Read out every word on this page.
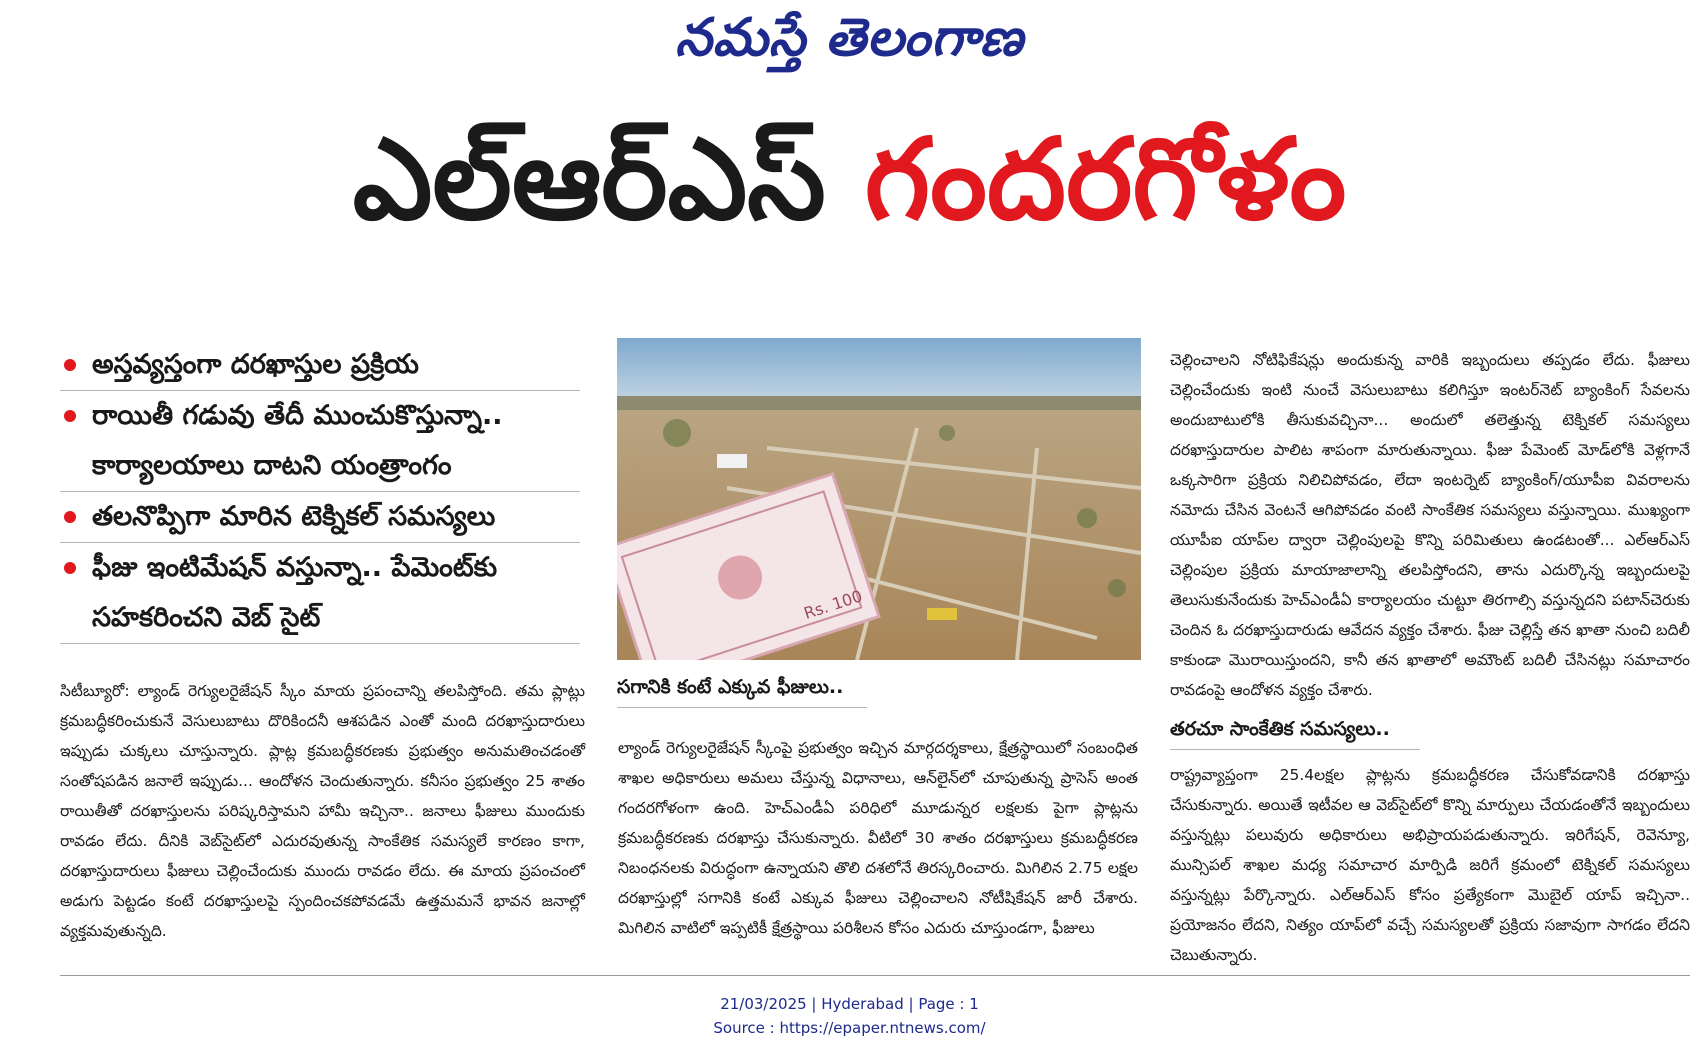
నమస్తే తెలంగాణ
ఎల్‌ఆర్‌ఎస్‌ గందరగోళం
అస్తవ్యస్తంగా దరఖాస్తుల ప్రక్రియ
రాయితీ గడువు తేదీ ముంచుకొస్తున్నా.. కార్యాలయాలు దాటని యంత్రాంగం
తలనొప్పిగా మారిన టెక్నికల్ సమస్యలు
ఫీజు ఇంటిమేషన్ వస్తున్నా.. పేమెంట్‌కు సహకరించని వెబ్ సైట్	Rs. 100
సగానికి కంటే ఎక్కువ ఫీజులు..
సిటీబ్యూరో: ల్యాండ్ రెగ్యులరైజేషన్ స్కీం మాయ ప్రపంచాన్ని తలపిస్తోంది. తమ ప్లాట్లు క్రమబద్ధీకరించుకునే వెసులుబాటు దొరికిందనీ ఆశపడిన ఎంతో మంది దరఖాస్తుదారులు ఇప్పుడు చుక్కలు చూస్తున్నారు. ప్లాట్ల క్రమబద్ధీకరణకు ప్రభుత్వం అనుమతించడంతో సంతోషపడిన జనాలే ఇప్పుడు... ఆందోళన చెందుతున్నారు. కనీసం ప్రభుత్వం 25 శాతం రాయితీతో దరఖాస్తులను పరిష్కరిస్తామని హామీ ఇచ్చినా.. జనాలు ఫీజులు ముందుకు రావడం లేదు. దీనికి వెబ్‌సైట్‌లో ఎదురవుతున్న సాంకేతిక సమస్యలే కారణం కాగా, దరఖాస్తుదారులు ఫీజులు చెల్లించేందుకు ముందు రావడం లేదు. ఈ మాయ ప్రపంచంలో అడుగు పెట్టడం కంటే దరఖాస్తులపై స్పందించకపోవడమే ఉత్తమమనే భావన జనాల్లో వ్యక్తమవుతున్నది.
ల్యాండ్ రెగ్యులరైజేషన్ స్కీంపై ప్రభుత్వం ఇచ్చిన మార్గదర్శకాలు, క్షేత్రస్థాయిలో సంబంధిత శాఖల అధికారులు అమలు చేస్తున్న విధానాలు, ఆన్‌లైన్‌లో చూపుతున్న ప్రాసెస్ అంత గందరగోళంగా ఉంది. హెచ్ఎండీఏ పరిధిలో మూడున్నర లక్షలకు పైగా ప్లాట్లను క్రమబద్ధీకరణకు దరఖాస్తు చేసుకున్నారు. వీటిలో 30 శాతం దరఖాస్తులు క్రమబద్ధీకరణ నిబంధనలకు విరుద్ధంగా ఉన్నాయని తొలి దశలోనే తిరస్కరించారు. మిగిలిన 2.75 లక్షల దరఖాస్తుల్లో సగానికి కంటే ఎక్కువ ఫీజులు చెల్లించాలని నోటీషికేషన్ జారీ చేశారు. మిగిలిన వాటిలో ఇప్పటికీ క్షేత్రస్థాయి పరిశీలన కోసం ఎదురు చూస్తుండగా, ఫీజులు
చెల్లించాలని నోటిఫికేషన్లు అందుకున్న వారికి ఇబ్బందులు తప్పడం లేదు. ఫీజులు చెల్లించేందుకు ఇంటి నుంచే వెసులుబాటు కలిగిస్తూ ఇంటర్‌నెట్ బ్యాంకింగ్ సేవలను అందుబాటులోకి తీసుకువచ్చినా... అందులో తలెత్తున్న టెక్నికల్ సమస్యలు దరఖాస్తుదారుల పాలిట శాపంగా మారుతున్నాయి. ఫీజు పేమెంట్ మోడ్‌లోకి వెళ్లగానే ఒక్కసారిగా ప్రక్రియ నిలిచిపోవడం, లేదా ఇంటర్నెట్ బ్యాంకింగ్/యూపీఐ వివరాలను నమోదు చేసిన వెంటనే ఆగిపోవడం వంటి సాంకేతిక సమస్యలు వస్తున్నాయి. ముఖ్యంగా యూపీఐ యాప్‌ల ద్వారా చెల్లింపులపై కొన్ని పరిమితులు ఉండటంతో... ఎల్‌ఆర్‌ఎస్ చెల్లింపుల ప్రక్రియ మాయాజాలాన్ని తలపిస్తోందని, తాను ఎదుర్కొన్న ఇబ్బందులపై తెలుసుకునేందుకు హెచ్ఎండీఏ కార్యాలయం చుట్టూ తిరగాల్సి వస్తున్నదని పటాన్‌చెరుకు చెందిన ఓ దరఖాస్తుదారుడు ఆవేదన వ్యక్తం చేశారు. ఫీజు చెల్లిస్తే తన ఖాతా నుంచి బదిలీ కాకుండా మొరాయిస్తుందని, కానీ తన ఖాతాలో అమౌంట్ బదిలీ చేసినట్లు సమాచారం రావడంపై ఆందోళన వ్యక్తం చేశారు.
తరచూ సాంకేతిక సమస్యలు..
రాష్ట్రవ్యాప్తంగా 25.4లక్షల ప్లాట్లను క్రమబద్ధీకరణ చేసుకోవడానికి దరఖాస్తు చేసుకున్నారు. అయితే ఇటీవల ఆ వెబ్‌సైట్‌లో కొన్ని మార్పులు చేయడంతోనే ఇబ్బందులు వస్తున్నట్లు పలువురు అధికారులు అభిప్రాయపడుతున్నారు. ఇరిగేషన్, రెవెన్యూ, మున్సిపల్ శాఖల మధ్య సమాచార మార్పిడి జరిగే క్రమంలో టెక్నికల్ సమస్యలు వస్తున్నట్లు పేర్కొన్నారు. ఎల్‌ఆర్‌ఎస్ కోసం ప్రత్యేకంగా మొబైల్ యాప్ ఇచ్చినా.. ప్రయోజనం లేదని, నిత్యం యాప్‌లో వచ్చే సమస్యలతో ప్రక్రియ సజావుగా సాగడం లేదని చెబుతున్నారు.
21/03/2025 | Hyderabad | Page : 1
Source : https://epaper.ntnews.com/
